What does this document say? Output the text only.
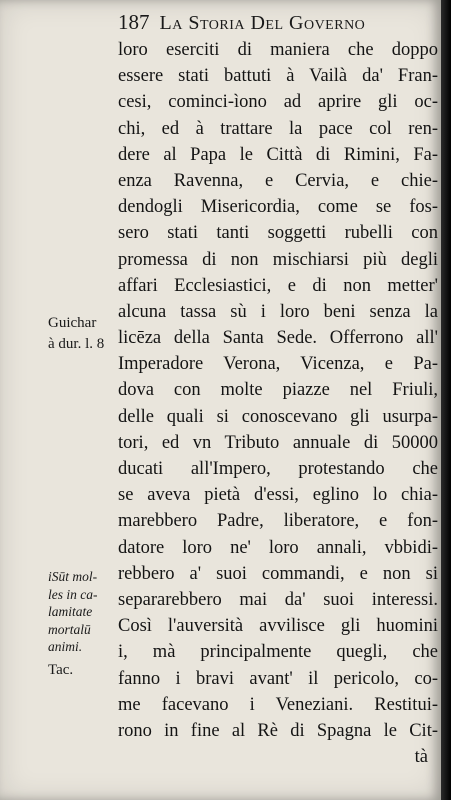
187 La Storia Del Governo
loro eserciti di maniera che doppo
essere stati battuti à Vailà da' Fran-
cesi, cominci-ìono ad aprire gli oc-
chi, ed à trattare la pace col ren-
dere al Papa le Città di Rimini, Fa-
enza Ravenna, e Cervia, e chie-
dendogli Misericordia, come se fos-
sero stati tanti soggetti rubelli con
promessa di non mischiarsi più degli
affari Ecclesiastici, e di non metter'
alcuna tassa sù i loro beni senza la
licēza della Santa Sede. Offerrono all'
Imperadore Verona, Vicenza, e Pa-
dova con molte piazze nel Friuli,
delle quali si conoscevano gli usurpa-
tori, ed vn Tributo annuale di 50000
ducati all'Impero, protestando che
se aveva pietà d'essi, eglino lo chia-
marebbero Padre, liberatore, e fon-
datore loro ne' loro annali, vbbidi-
rebbero a' suoi commandi, e non si
separarebbero mai da' suoi interessi.
Così l'auversità avvilisce gli huomini
i, mà principalmente quegli, che
fanno i bravi avant' il pericolo, co-
me facevano i Veneziani. Restitui-
rono in fine al Rè di Spagna le Cit-
tà
Guichar
à dur. l. 8
iSūt mol-
les in ca-
lamitate
mortalū
animi.
Tac.
